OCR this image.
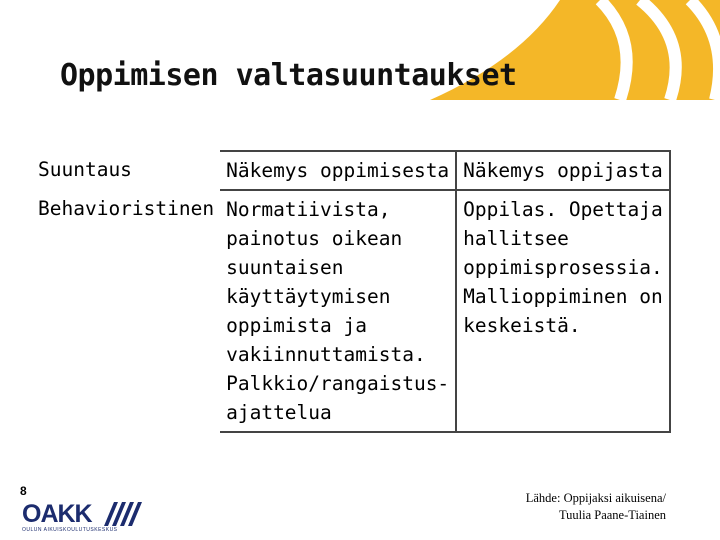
Oppimisen valtasuuntaukset
Suuntaus	Näkemys oppimisesta	Näkemys oppijasta
Behavioristinen	Normatiivista, painotus oikean suuntaisen käyttäytymisen oppimista ja vakiinnuttamista. Palkkio/rangaistus-ajattelua	Oppilas. Opettaja hallitsee oppimisprosessia. Mallioppiminen on keskeistä.
8
OAKK
OULUN AIKUISKOULUTUSKESKUS
Lähde: Oppijaksi aikuisena/
Tuulia Paane-Tiainen
